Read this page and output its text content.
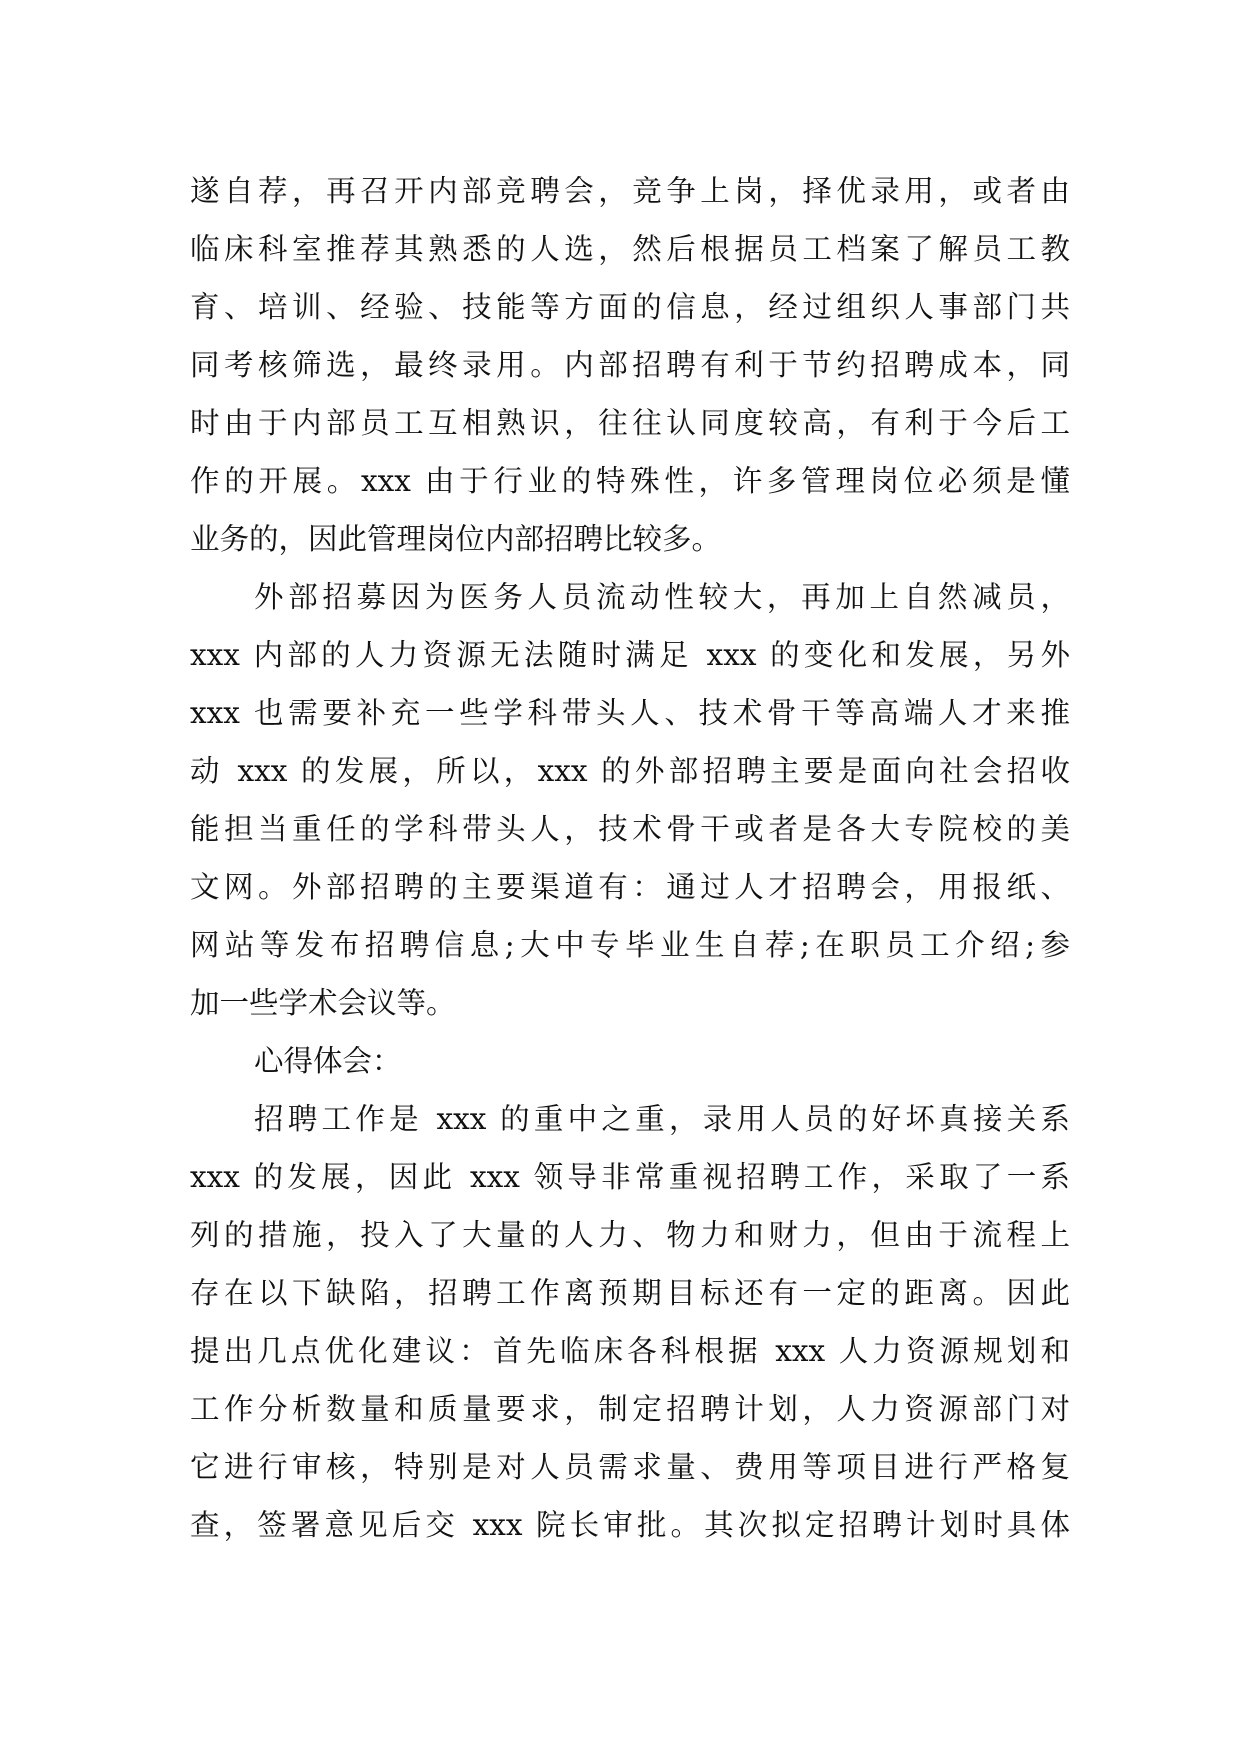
遂自荐，再召开内部竞聘会，竞争上岗，择优录用，或者由
临床科室推荐其熟悉的人选，然后根据员工档案了解员工教
育、培训、经验、技能等方面的信息，经过组织人事部门共
同考核筛选，最终录用。内部招聘有利于节约招聘成本，同
时由于内部员工互相熟识，往往认同度较高，有利于今后工
作的开展。xxx 由于行业的特殊性，许多管理岗位必须是懂
业务的，因此管理岗位内部招聘比较多。
外部招募因为医务人员流动性较大，再加上自然减员，
xxx 内部的人力资源无法随时满足 xxx 的变化和发展，另外
xxx 也需要补充一些学科带头人、技术骨干等高端人才来推
动 xxx 的发展，所以，xxx 的外部招聘主要是面向社会招收
能担当重任的学科带头人，技术骨干或者是各大专院校的美
文网。外部招聘的主要渠道有：通过人才招聘会，用报纸、
网站等发布招聘信息;大中专毕业生自荐;在职员工介绍;参
加一些学术会议等。
心得体会：
招聘工作是 xxx 的重中之重，录用人员的好坏真接关系
xxx 的发展，因此 xxx 领导非常重视招聘工作，采取了一系
列的措施，投入了大量的人力、物力和财力，但由于流程上
存在以下缺陷，招聘工作离预期目标还有一定的距离。因此
提出几点优化建议：首先临床各科根据 xxx 人力资源规划和
工作分析数量和质量要求，制定招聘计划，人力资源部门对
它进行审核，特别是对人员需求量、费用等项目进行严格复
查，签署意见后交 xxx 院长审批。其次拟定招聘计划时具体
